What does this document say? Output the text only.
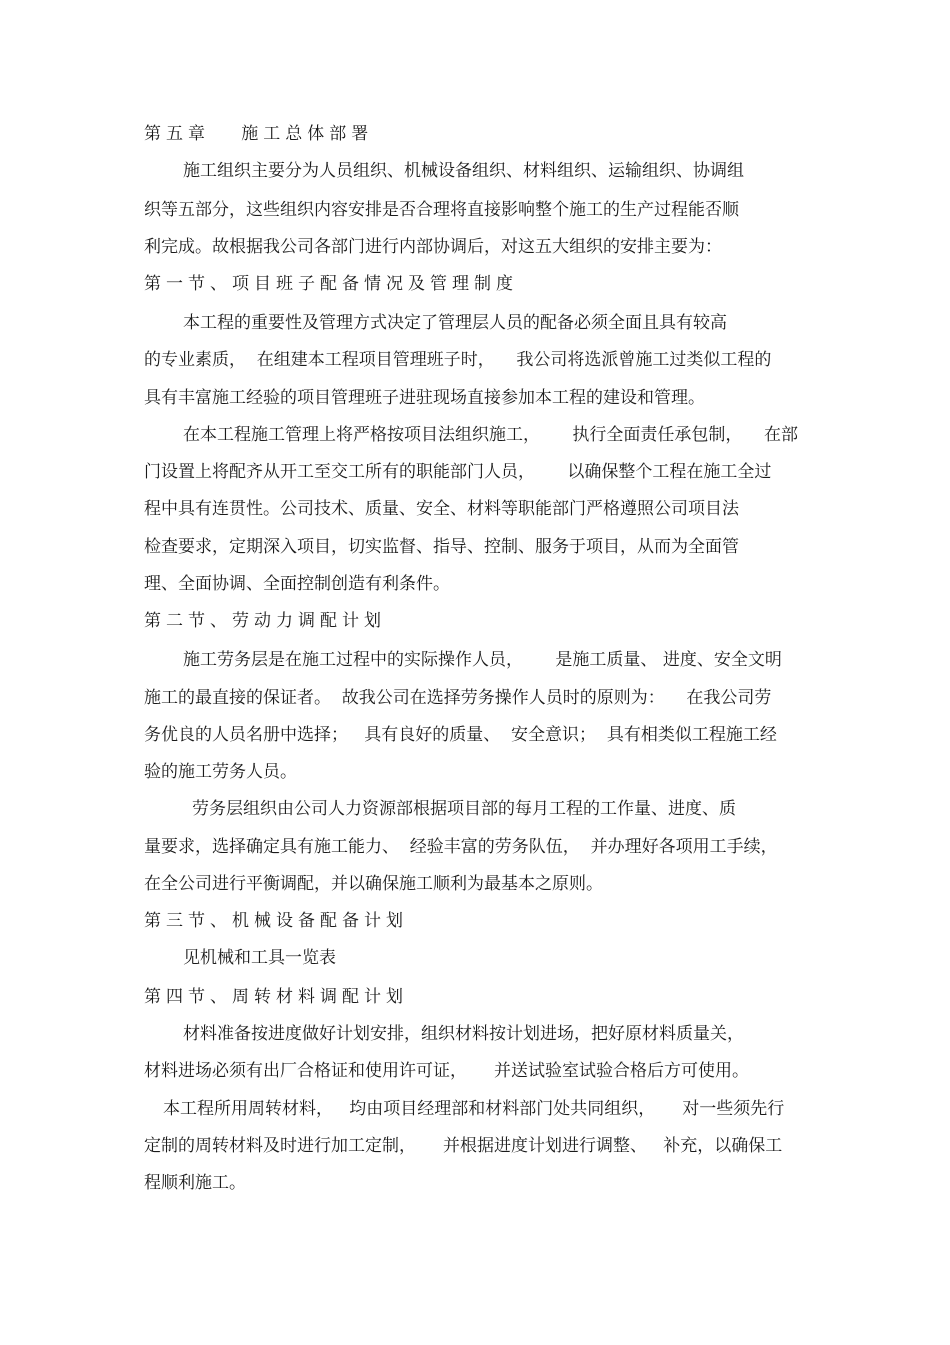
第五章   施工总体部署

施工组织主要分为人员组织、机械设备组织、材料组织、运输组织、协调组

织等五部分，这些组织内容安排是否合理将直接影响整个施工的生产过程能否顺

利完成。故根据我公司各部门进行内部协调后，对这五大组织的安排主要为：

第一节、项目班子配备情况及管理制度

本工程的重要性及管理方式决定了管理层人员的配备必须全面且具有较高

的专业素质，  在组建本工程项目管理班子时，    我公司将选派曾施工过类似工程的

具有丰富施工经验的项目管理班子进驻现场直接参加本工程的建设和管理。

在本工程施工管理上将严格按项目法组织施工，      执行全面责任承包制，    在部

门设置上将配齐从开工至交工所有的职能部门人员，      以确保整个工程在施工全过

程中具有连贯性。公司技术、质量、安全、材料等职能部门严格遵照公司项目法

检查要求，定期深入项目，切实监督、指导、控制、服务于项目，从而为全面管

理、全面协调、全面控制创造有利条件。

第二节、劳动力调配计划

施工劳务层是在施工过程中的实际操作人员，      是施工质量、 进度、安全文明

施工的最直接的保证者。  故我公司在选择劳务操作人员时的原则为：    在我公司劳

务优良的人员名册中选择；   具有良好的质量、  安全意识；  具有相类似工程施工经

验的施工劳务人员。

劳务层组织由公司人力资源部根据项目部的每月工程的工作量、进度、质

量要求，选择确定具有施工能力、  经验丰富的劳务队伍，  并办理好各项用工手续，

在全公司进行平衡调配，并以确保施工顺利为最基本之原则。

第三节、机械设备配备计划

见机械和工具一览表

第四节、周转材料调配计划

材料准备按进度做好计划安排，组织材料按计划进场，把好原材料质量关，

材料进场必须有出厂合格证和使用许可证，     并送试验室试验合格后方可使用。

本工程所用周转材料，   均由项目经理部和材料部门处共同组织，     对一些须先行

定制的周转材料及时进行加工定制，     并根据进度计划进行调整、   补充，以确保工

程顺利施工。
